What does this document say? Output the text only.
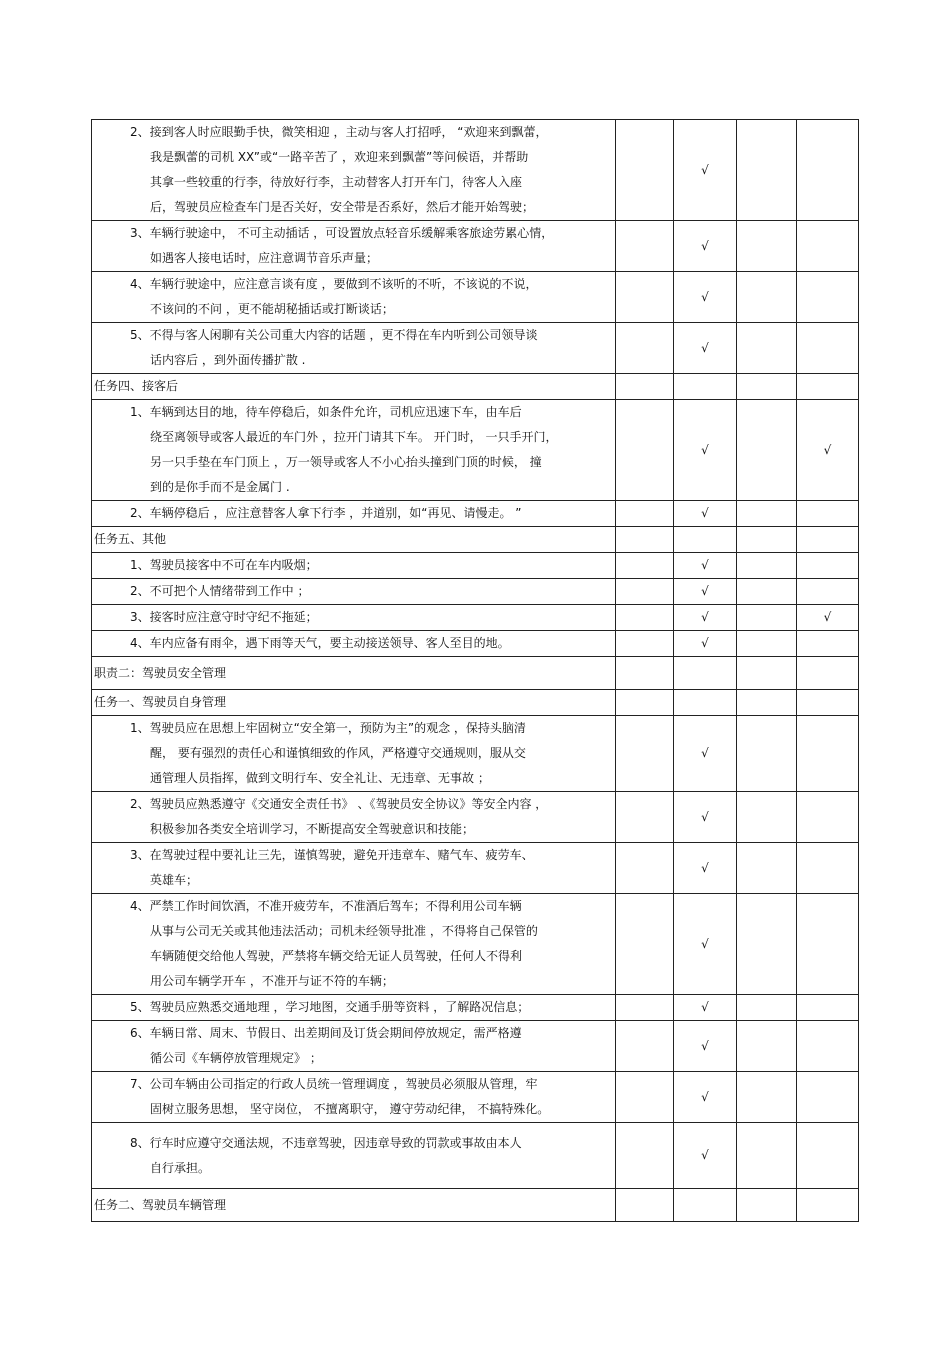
2、接到客人时应眼勤手快，微笑相迎 ，主动与客人打招呼， “欢迎来到飘蕾，
我是飘蕾的司机 XX”或“一路辛苦了 ，欢迎来到飘蕾”等问候语，并帮助
其拿一些较重的行李，待放好行李，主动替客人打开车门，待客人入座
后，驾驶员应检查车门是否关好，安全带是否系好，然后才能开始驾驶；		√		

3、车辆行驶途中， 不可主动插话 ，可设置放点轻音乐缓解乘客旅途劳累心情，
如遇客人接电话时，应注意调节音乐声量；		√		

4、车辆行驶途中，应注意言谈有度 ，要做到不该听的不听，不该说的不说，
不该问的不问 ，更不能胡秘插话或打断谈话；		√		

5、不得与客人闲聊有关公司重大内容的话题 ，更不得在车内听到公司领导谈
话内容后 ，到外面传播扩散 .		√		

任务四、接客后				

1、车辆到达目的地，待车停稳后，如条件允许，司机应迅速下车，由车后
绕至离领导或客人最近的车门外 ，拉开门请其下车。 开门时， 一只手开门，
另一只手垫在车门顶上 ，万一领导或客人不小心抬头撞到门顶的时候， 撞
到的是你手而不是金属门 .		√		√

2、车辆停稳后 ，应注意替客人拿下行李 ，并道别，如“再见、请慢走。 ”		√		

任务五、其他				

1、驾驶员接客中不可在车内吸烟；		√		

2、不可把个人情绪带到工作中 ；		√		

3、接客时应注意守时守纪不拖延；		√		√

4、车内应备有雨伞，遇下雨等天气，要主动接送领导、客人至目的地。		√		

职责二：驾驶员安全管理				

任务一、驾驶员自身管理				

1、驾驶员应在思想上牢固树立“安全第一，预防为主”的观念 ，保持头脑清
醒， 要有强烈的责任心和谨慎细致的作风，严格遵守交通规则，服从交
通管理人员指挥，做到文明行车、安全礼让、无违章、无事故 ；		√		

2、驾驶员应熟悉遵守《交通安全责任书》 、《驾驶员安全协议》等安全内容 ，
积极参加各类安全培训学习，不断提高安全驾驶意识和技能；		√		

3、在驾驶过程中要礼让三先，谨慎驾驶，避免开违章车、赌气车、疲劳车、
英雄车；		√		

4、严禁工作时间饮酒，不准开疲劳车，不准酒后驾车；不得利用公司车辆
从事与公司无关或其他违法活动；司机未经领导批准 ，不得将自己保管的
车辆随便交给他人驾驶，严禁将车辆交给无证人员驾驶，任何人不得利
用公司车辆学开车 ，不准开与证不符的车辆；		√		

5、驾驶员应熟悉交通地理 ，学习地图，交通手册等资料 ，了解路况信息；		√		

6、车辆日常、周末、节假日、出差期间及订货会期间停放规定，需严格遵
循公司《车辆停放管理规定》 ；		√		

7、公司车辆由公司指定的行政人员统一管理调度 ，驾驶员必须服从管理，牢
固树立服务思想， 坚守岗位， 不擅离职守， 遵守劳动纪律， 不搞特殊化。		√		

8、行车时应遵守交通法规，不违章驾驶，因违章导致的罚款或事故由本人
自行承担。		√		

任务二、驾驶员车辆管理				
